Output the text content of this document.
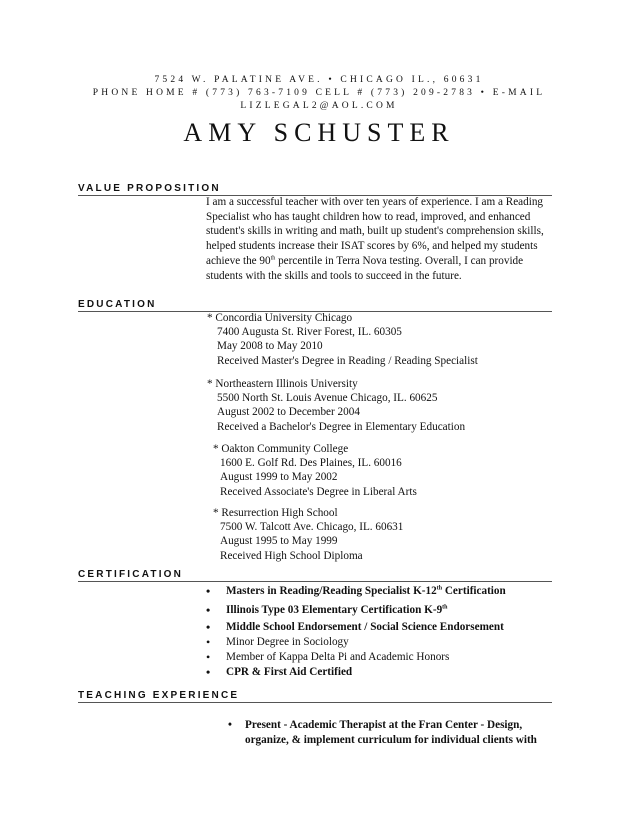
7524 W. PALATINE AVE. • CHICAGO IL., 60631
PHONE HOME # (773) 763-7109 CELL # (773) 209-2783 • E-MAIL
LIZLEGAL2@AOL.COM
AMY SCHUSTER
VALUE PROPOSITION

I am a successful teacher with over ten years of experience. I am a Reading

Specialist who has taught children how to read, improved, and enhanced

student's skills in writing and math, built up student's comprehension skills,

helped students increase their ISAT scores by 6%, and helped my students

achieve the 90th percentile in Terra Nova testing. Overall, I can provide

students with the skills and tools to succeed in the future.

EDUCATION
* Concordia University Chicago
7400 Augusta St. River Forest, IL. 60305
May 2008 to May 2010
Received Master's Degree in Reading / Reading Specialist
* Northeastern Illinois University
5500 North St. Louis Avenue Chicago, IL. 60625
August 2002 to December 2004
Received a Bachelor's Degree in Elementary Education
* Oakton Community College
1600 E. Golf Rd. Des Plaines, IL. 60016
August 1999 to May 2002
Received Associate's Degree in Liberal Arts
* Resurrection High School
7500 W. Talcott Ave. Chicago, IL. 60631
August 1995 to May 1999
Received High School Diploma
CERTIFICATION
• Masters in Reading/Reading Specialist K-12th Certification
• Illinois Type 03 Elementary Certification K-9th
• Middle School Endorsement / Social Science Endorsement
• Minor Degree in Sociology
• Member of Kappa Delta Pi and Academic Honors
• CPR & First Aid Certified
TEACHING EXPERIENCE
• Present - Academic Therapist at the Fran Center - Design,
organize, & implement curriculum for individual clients with
